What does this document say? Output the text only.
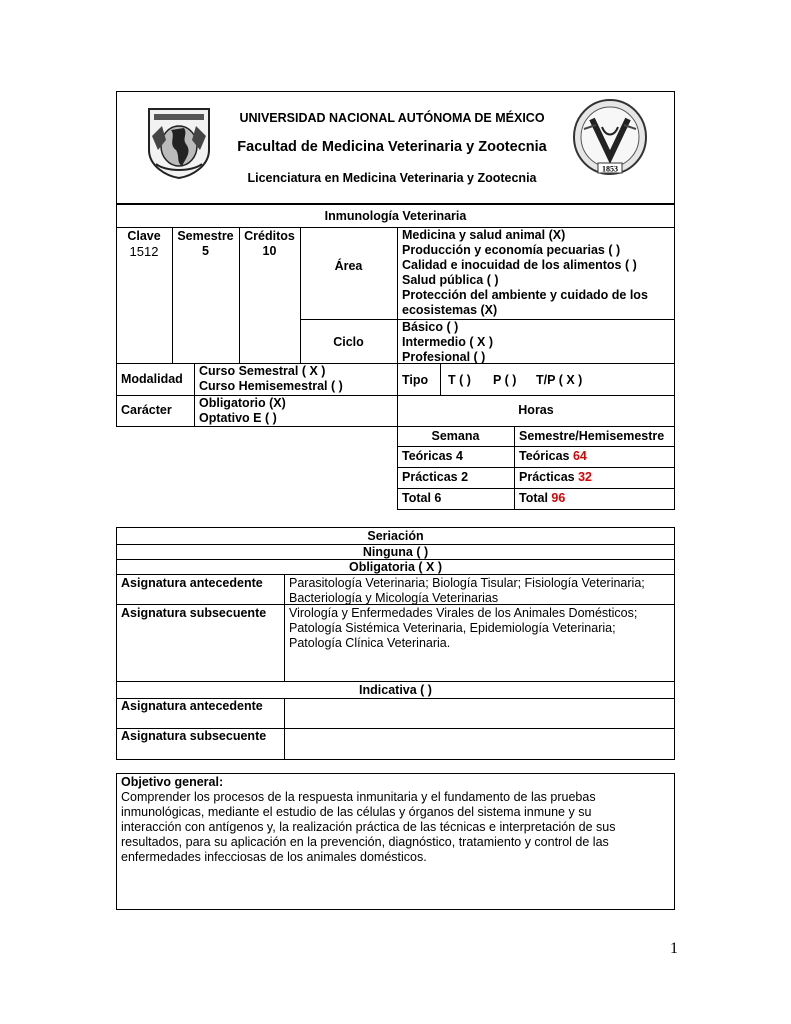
1853
UNIVERSIDAD NACIONAL AUTÓNOMA DE MÉXICO
Facultad de Medicina Veterinaria y Zootecnia
Licenciatura en Medicina Veterinaria y Zootecnia
Inmunología Veterinaria
Clave
1512
Semestre
5
Créditos
10
Área
Medicina y salud animal (X)
Producción y economía pecuarias ( )
Calidad e inocuidad de los alimentos ( )
Salud pública ( )
Protección del ambiente y cuidado de los
ecosistemas (X)
Ciclo
Básico ( )
Intermedio ( X )
Profesional ( )
Modalidad
Curso Semestral ( X )
Curso Hemisemestral ( )	Tipo T ( ) P ( ) T/P ( X )
Carácter Obligatorio (X)
Optativo E ( )
Horas
Semana	Semestre/Hemisemestre
Teóricas 4
Prácticas 2
Total 6
Teóricas 64
Prácticas 32
Total 96
Seriación
Ninguna ( )
Obligatoria ( X )
Asignatura antecedente Parasitología Veterinaria; Biología Tisular; Fisiología Veterinaria;
Bacteriología y Micología Veterinarias
Asignatura subsecuente Virología y Enfermedades Virales de los Animales Domésticos;
Patología Sistémica Veterinaria, Epidemiología Veterinaria;
Patología Clínica Veterinaria.
Indicativa ( )
Asignatura antecedente
Asignatura subsecuente
Objetivo general:
Comprender los procesos de la respuesta inmunitaria y el fundamento de las pruebas
inmunológicas, mediante el estudio de las células y órganos del sistema inmune y su
interacción con antígenos y, la realización práctica de las técnicas e interpretación de sus
resultados, para su aplicación en la prevención, diagnóstico, tratamiento y control de las
enfermedades infecciosas de los animales domésticos.
1
